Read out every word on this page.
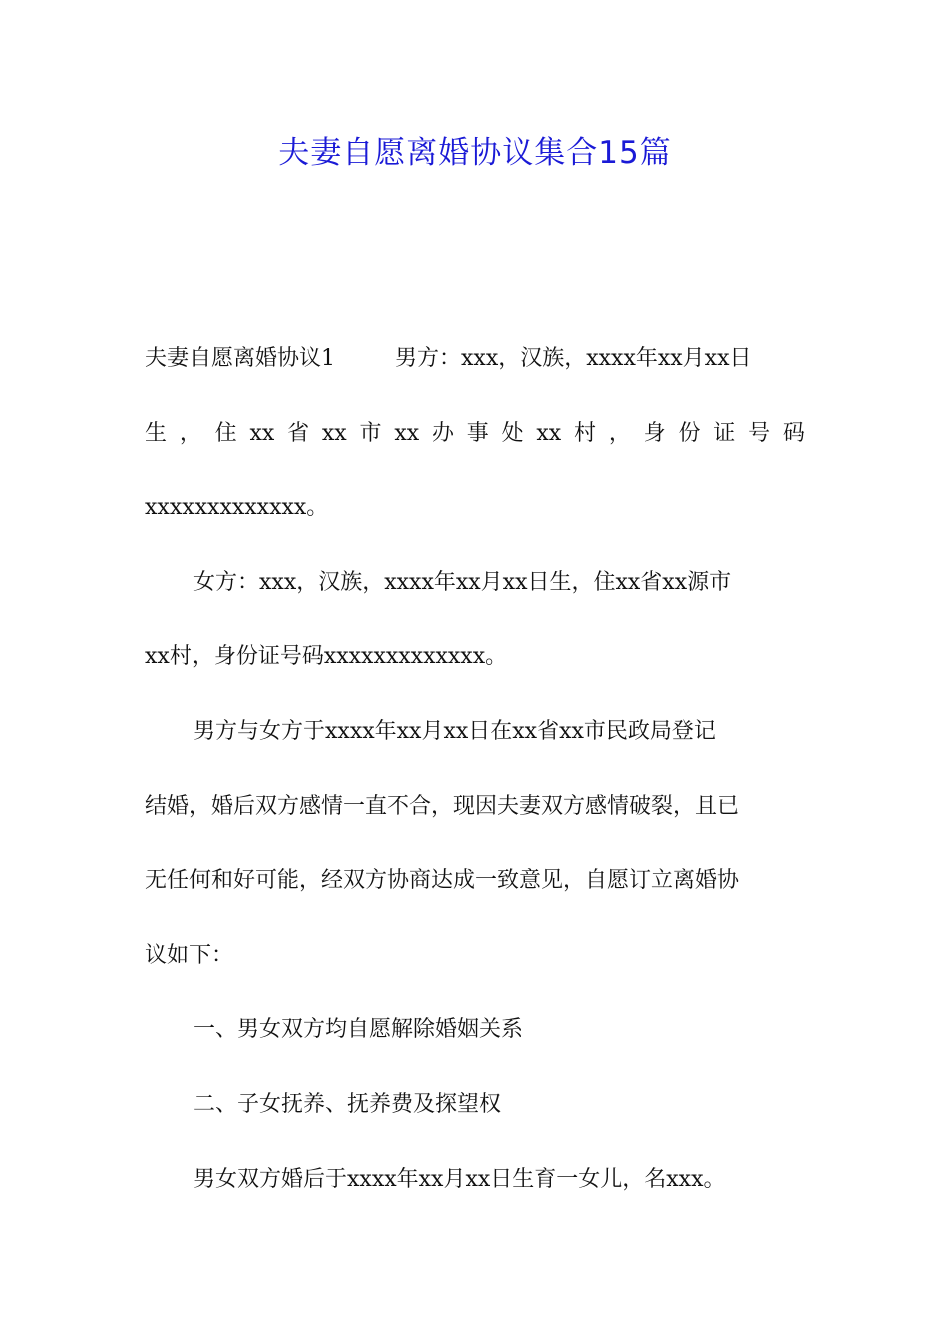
夫妻自愿离婚协议集合15篇
夫妻自愿离婚协议1	男方：xxx，汉族，xxxx年xx月xx日
生 ， 住 xx 省 xx 市 xx 办 事 处 xx 村 ， 身 份 证 号 码
xxxxxxxxxxxxx。
女方：xxx，汉族，xxxx年xx月xx日生，住xx省xx源市
xx村，身份证号码xxxxxxxxxxxxx。
男方与女方于xxxx年xx月xx日在xx省xx市民政局登记
结婚，婚后双方感情一直不合，现因夫妻双方感情破裂，且已
无任何和好可能，经双方协商达成一致意见，自愿订立离婚协
议如下：
一、男女双方均自愿解除婚姻关系
二、子女抚养、抚养费及探望权
男女双方婚后于xxxx年xx月xx日生育一女儿，名xxx。
